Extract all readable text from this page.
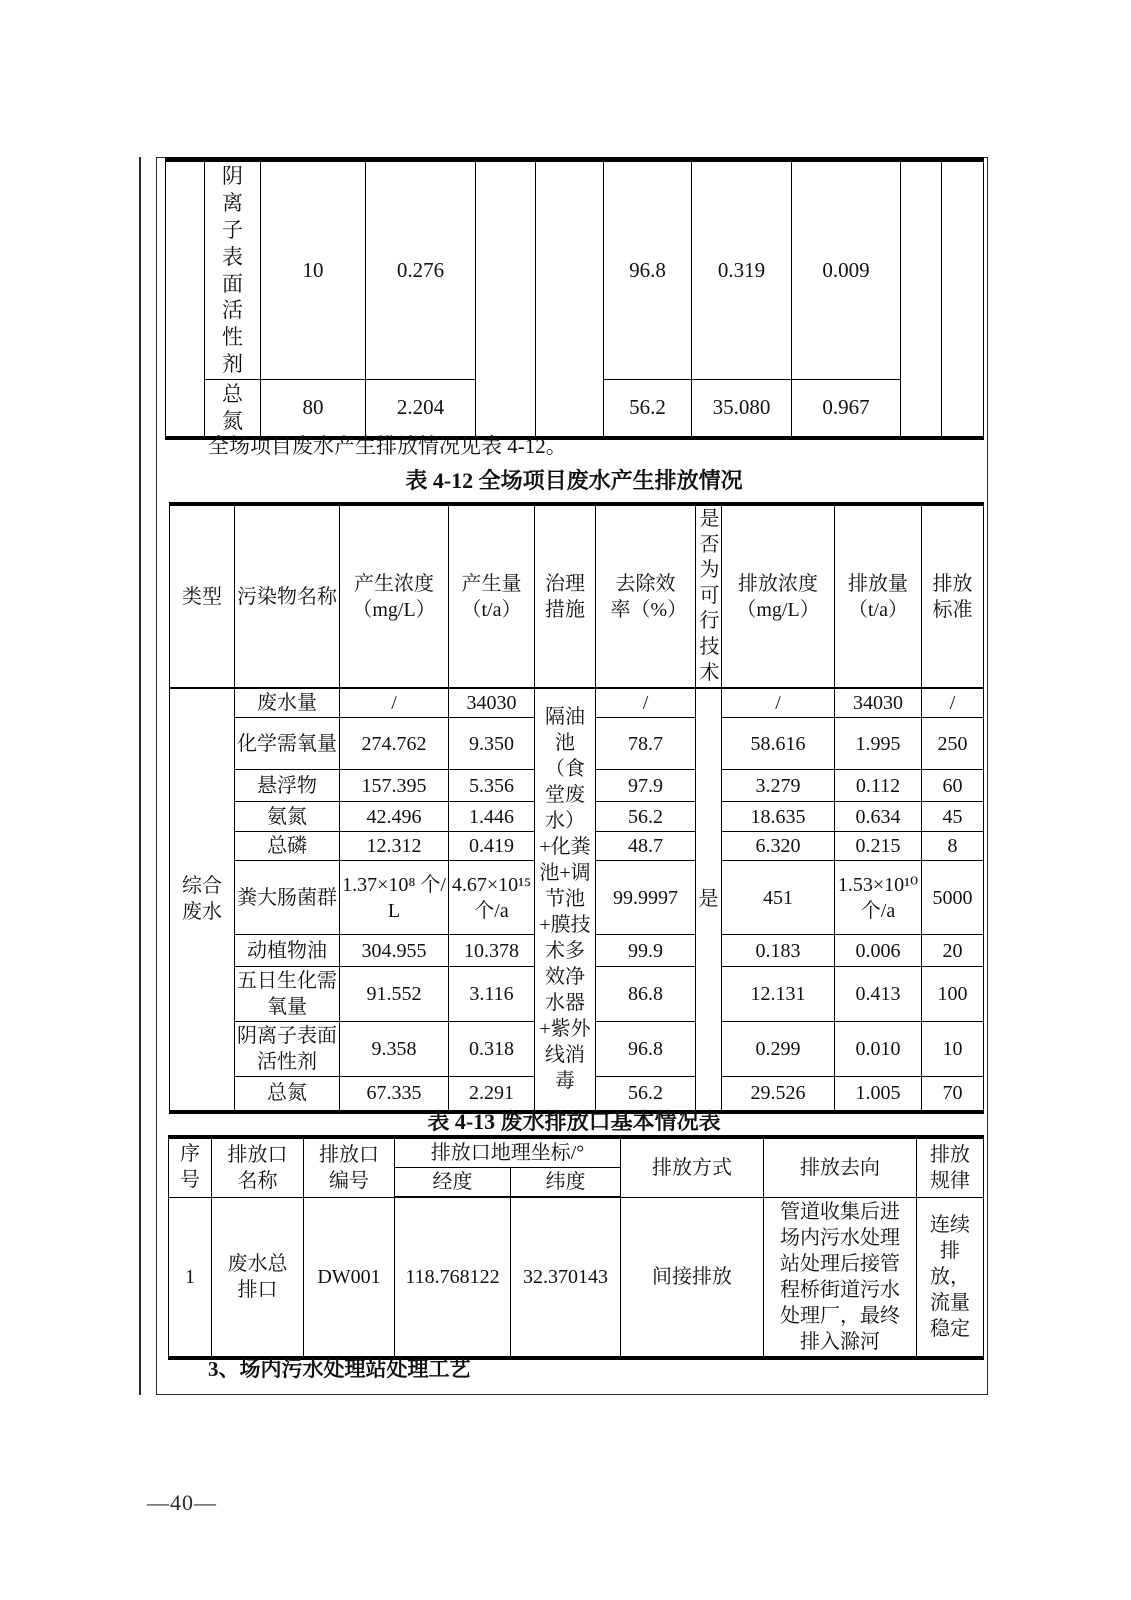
	阴离子表面活性剂	10	0.276			96.8	0.319	0.009		

	总氮	80	2.204			56.2	35.080	0.967		
全场项目废水产生排放情况见表 4-12。
表 4-12 全场项目废水产生排放情况
类型	污染物名称	产生浓度（mg/L）	产生量（t/a）	治理措施	去除效率（%）	是否为可行技术	排放浓度（mg/L）	排放量（t/a）	排放标准

综合废水	废水量	/	34030	隔油池（食堂废水）+化粪池+调节池+膜技术多效净水器+紫外线消毒	/	是	/	34030	/
	化学需氧量	274.762	9.350		78.7		58.616	1.995	250
	悬浮物	157.395	5.356		97.9		3.279	0.112	60
	氨氮	42.496	1.446		56.2		18.635	0.634	45
	总磷	12.312	0.419		48.7		6.320	0.215	8
	粪大肠菌群	1.37×10⁸ 个/L	4.67×10¹⁵ 个/a		99.9997		451	1.53×10¹⁰ 个/a	5000
	动植物油	304.955	10.378		99.9		0.183	0.006	20
	五日生化需氧量	91.552	3.116		86.8		12.131	0.413	100
	阴离子表面活性剂	9.358	0.318		96.8		0.299	0.010	10
	总氮	67.335	2.291		56.2		29.526	1.005	70
表 4-13 废水排放口基本情况表
序号	排放口名称	排放口编号	排放口地理坐标/°		排放方式	排放去向	排放规律

			经度	纬度			
1	废水总排口	DW001	118.768122	32.370143	间接排放	管道收集后进场内污水处理站处理后接管程桥街道污水处理厂，最终排入滁河	连续排放，流量稳定
3、场内污水处理站处理工艺
—40—
